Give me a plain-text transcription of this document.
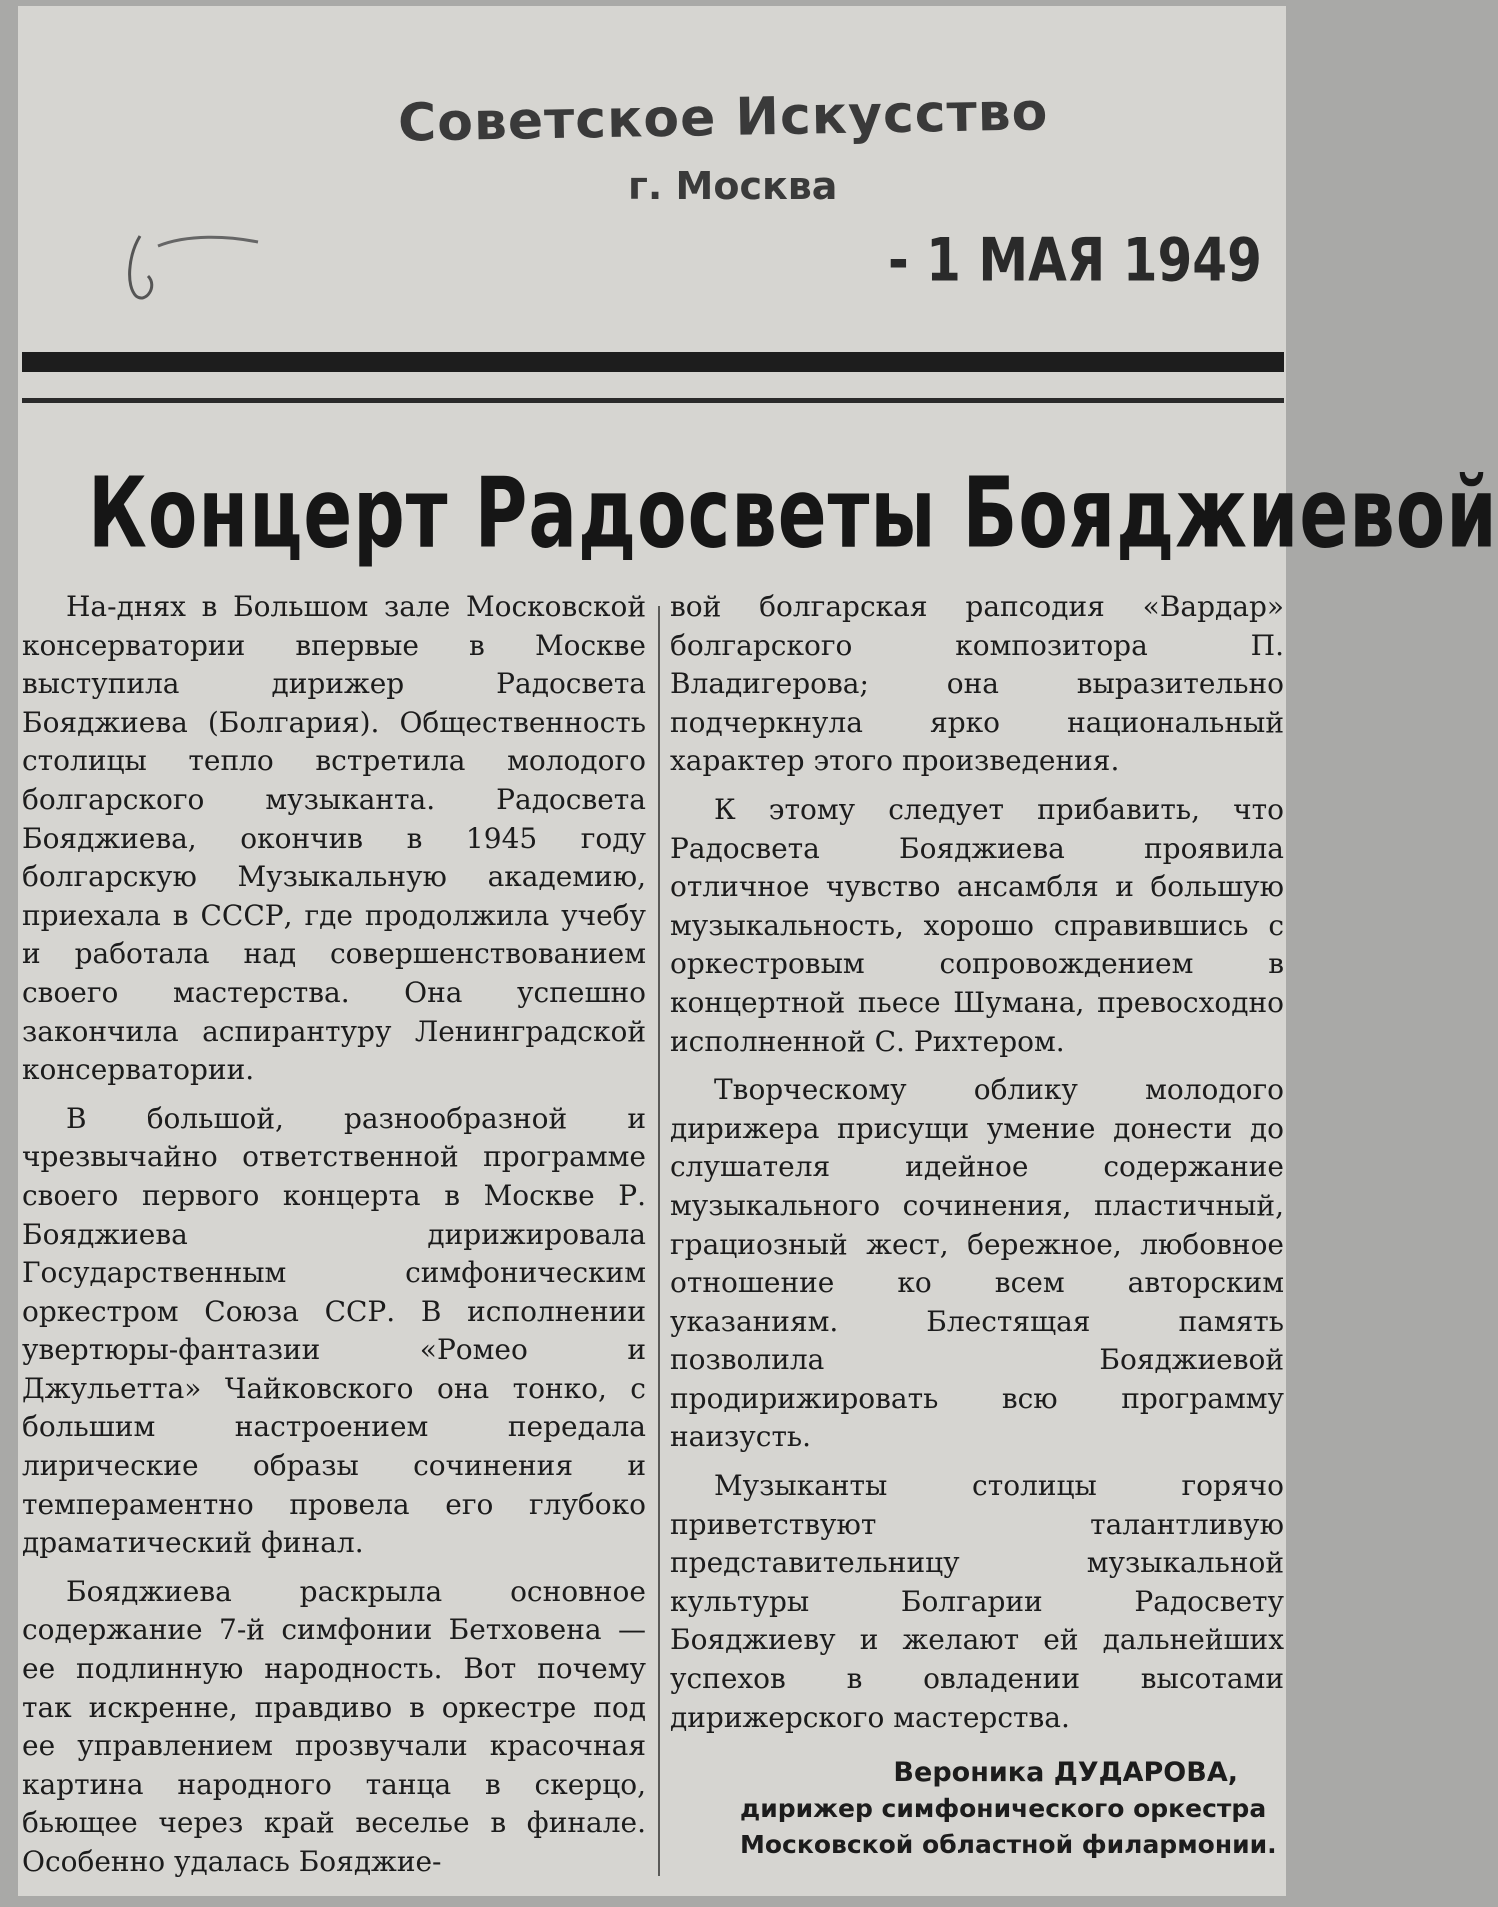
Советское Искусство
г. Москва
- 1 МАЯ 1949
Концерт Радосветы Бояджиевой

На-днях в Большом зале Московской консерватории впервые в Москве выступила дирижер Радосвета Бояджиева (Болгария). Общественность столицы тепло встретила молодого болгарского музыканта. Радосвета Бояджиева, окончив в 1945 году болгарскую Музыкальную академию, приехала в СССР, где продолжила учебу и работала над совершенствованием своего мастерства. Она успешно закончила аспирантуру Ленинградской консерватории.

В большой, разнообразной и чрезвычайно ответственной программе своего первого концерта в Москве Р. Бояджиева дирижировала Государственным симфоническим оркестром Союза ССР. В исполнении увертюры-фантазии «Ромео и Джульетта» Чайковского она тонко, с большим настроением передала лирические образы сочинения и темпераментно провела его глубоко драматический финал.

Бояджиева раскрыла основное содержание 7-й симфонии Бетховена — ее подлинную народность. Вот почему так искренне, правдиво в оркестре под ее управлением прозвучали красочная картина народного танца в скерцо, бьющее через край веселье в финале. Особенно удалась Бояджие-

вой болгарская рапсодия «Вардар» болгарского композитора П. Владигерова; она выразительно подчеркнула ярко национальный характер этого произведения.

К этому следует прибавить, что Радосвета Бояджиева проявила отличное чувство ансамбля и большую музыкальность, хорошо справившись с оркестровым сопровождением в концертной пьесе Шумана, превосходно исполненной С. Рихтером.

Творческому облику молодого дирижера присущи умение донести до слушателя идейное содержание музыкального сочинения, пластичный, грациозный жест, бережное, любовное отношение ко всем авторским указаниям. Блестящая память позволила Бояджиевой продирижировать всю программу наизусть.

Музыканты столицы горячо приветствуют талантливую представительницу музыкальной культуры Болгарии Радосвету Бояджиеву и желают ей дальнейших успехов в овладении высотами дирижерского мастерства.

Вероника ДУДАРОВА,
дирижер симфонического оркестра Московской областной филармонии.
